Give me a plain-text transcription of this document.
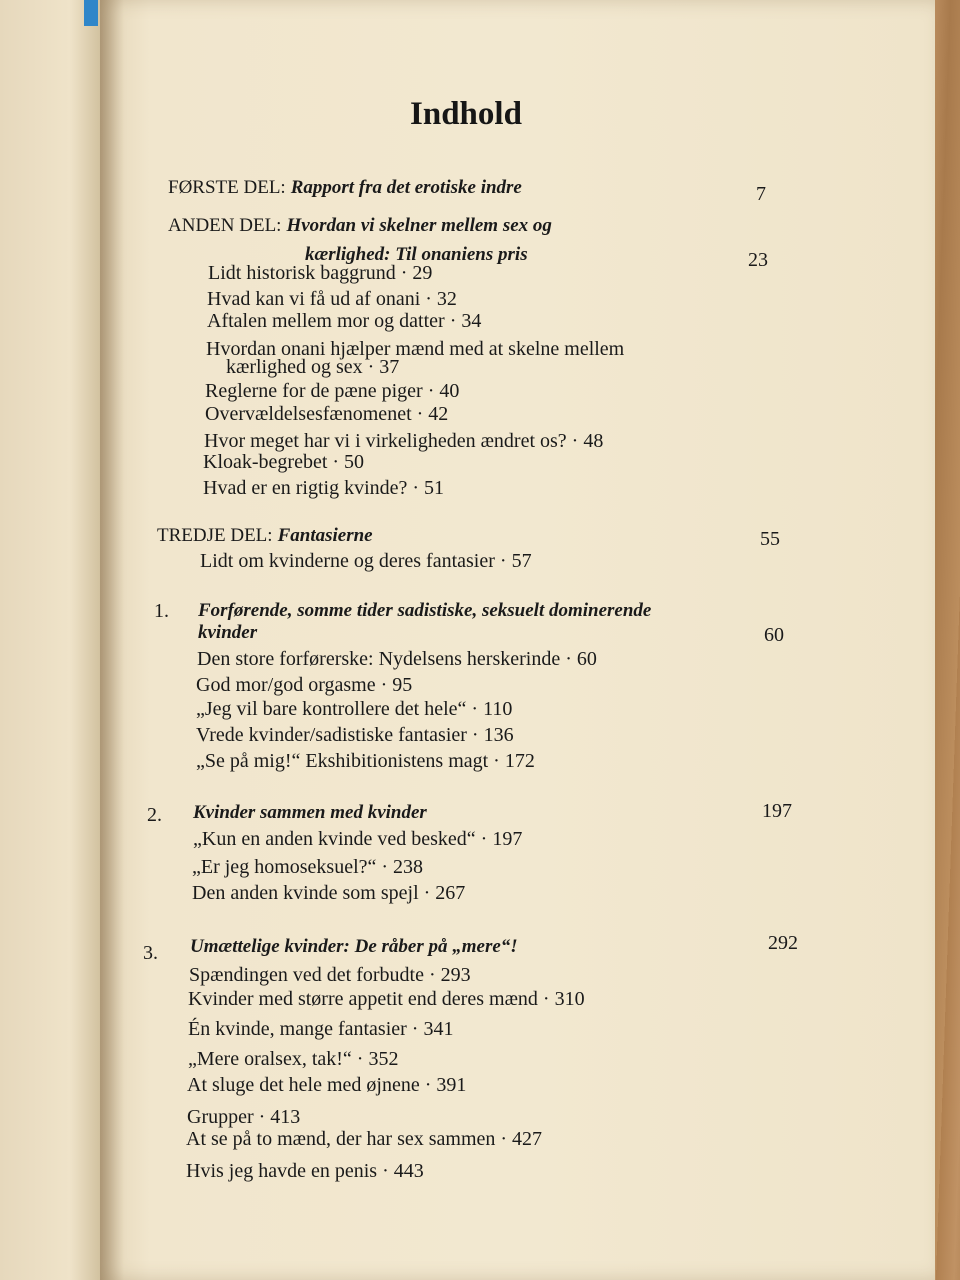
Indhold
FØRSTE DEL: Rapport fra det erotiske indre	7
ANDEN DEL: Hvordan vi skelner mellem sex og
kærlighed: Til onaniens pris	23
Lidt historisk baggrund · 29
Hvad kan vi få ud af onani · 32
Aftalen mellem mor og datter · 34
Hvordan onani hjælper mænd med at skelne mellem
kærlighed og sex · 37
Reglerne for de pæne piger · 40
Overvældelsesfænomenet · 42
Hvor meget har vi i virkeligheden ændret os? · 48
Kloak-begrebet · 50
Hvad er en rigtig kvinde? · 51
TREDJE DEL: Fantasierne	55
Lidt om kvinderne og deres fantasier · 57
1. Forførende, somme tider sadistiske, seksuelt dominerende
kvinder	60
Den store forførerske: Nydelsens herskerinde · 60
God mor/god orgasme · 95
„Jeg vil bare kontrollere det hele“ · 110
Vrede kvinder/sadistiske fantasier · 136
„Se på mig!“ Ekshibitionistens magt · 172
2. Kvinder sammen med kvinder	197
„Kun en anden kvinde ved besked“ · 197
„Er jeg homoseksuel?“ · 238
Den anden kvinde som spejl · 267
3. Umættelige kvinder: De råber på „mere“!	292
Spændingen ved det forbudte · 293
Kvinder med større appetit end deres mænd · 310
Én kvinde, mange fantasier · 341
„Mere oralsex, tak!“ · 352
At sluge det hele med øjnene · 391
Grupper · 413
At se på to mænd, der har sex sammen · 427
Hvis jeg havde en penis · 443
